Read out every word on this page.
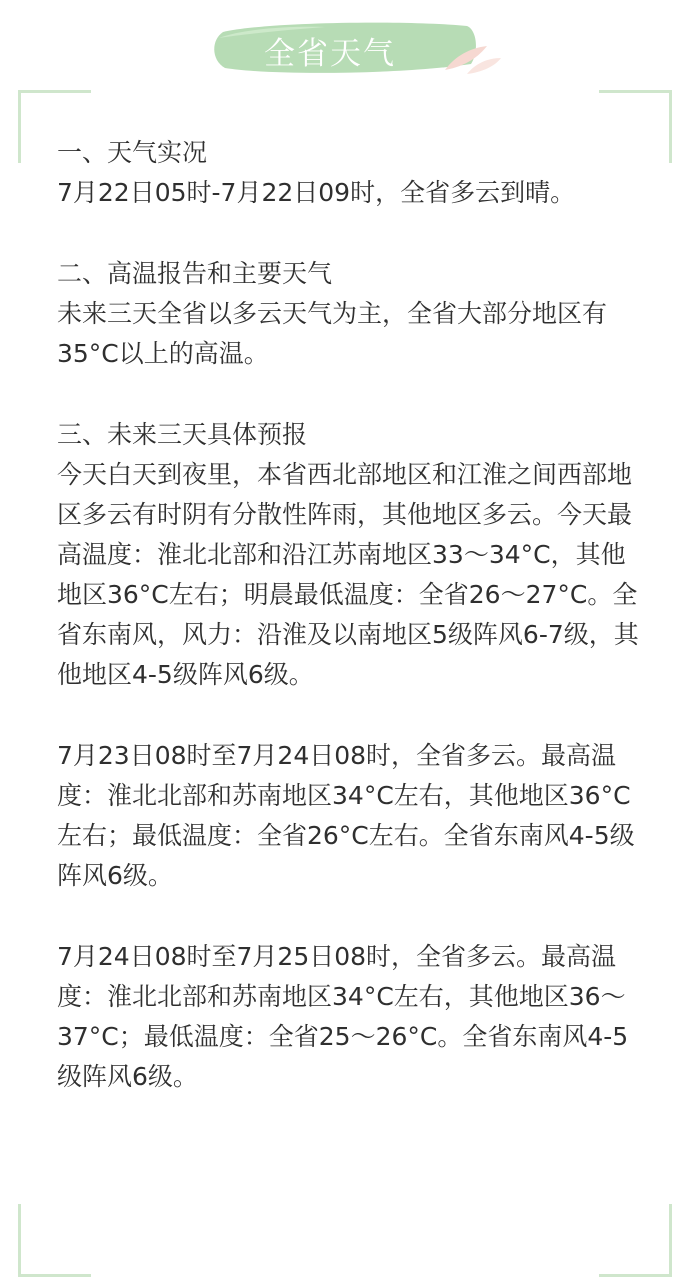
全省天气

一、天气实况

7月22日05时-7月22日09时，全省多云到晴。

二、高温报告和主要天气

未来三天全省以多云天气为主，全省大部分地区有35°C以上的高温。

三、未来三天具体预报

今天白天到夜里，本省西北部地区和江淮之间西部地区多云有时阴有分散性阵雨，其他地区多云。今天最高温度：淮北北部和沿江苏南地区33～34°C，其他地区36°C左右；明晨最低温度：全省26～27°C。全省东南风，风力：沿淮及以南地区5级阵风6-7级，其他地区4-5级阵风6级。

7月23日08时至7月24日08时，全省多云。最高温度：淮北北部和苏南地区34°C左右，其他地区36°C左右；最低温度：全省26°C左右。全省东南风4-5级阵风6级。

7月24日08时至7月25日08时，全省多云。最高温度：淮北北部和苏南地区34°C左右，其他地区36～37°C；最低温度：全省25～26°C。全省东南风4-5级阵风6级。
